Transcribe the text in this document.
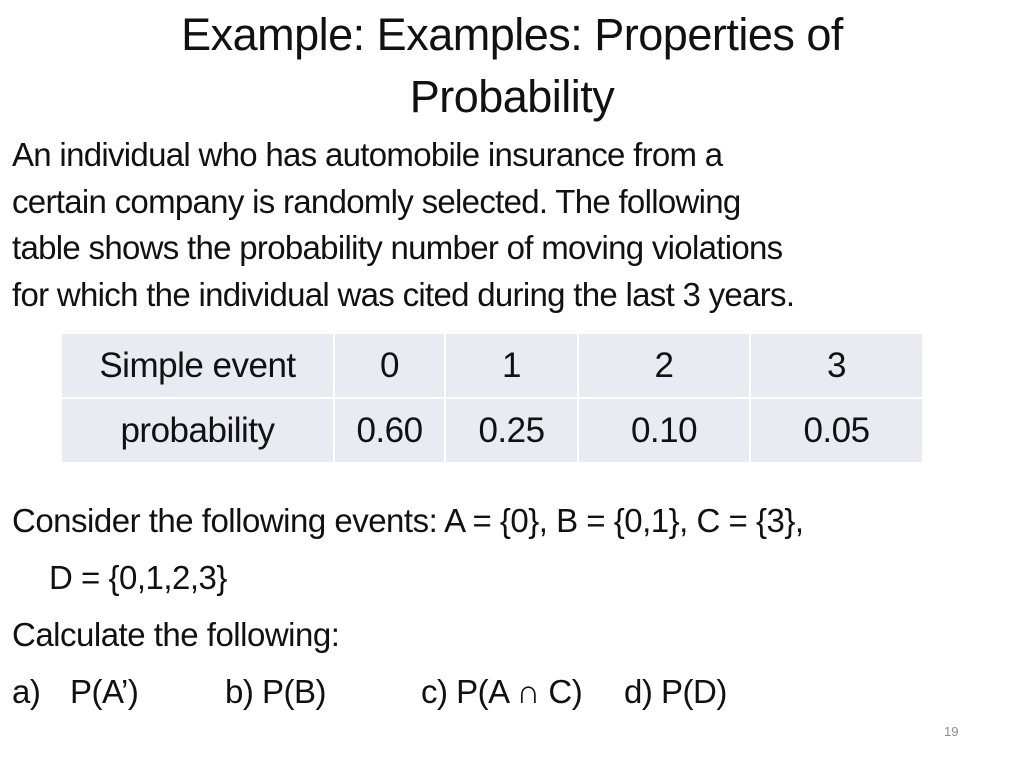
Example: Examples: Properties of
Probability
An individual who has automobile insurance from a
certain company is randomly selected. The following
table shows the probability number of moving violations
for which the individual was cited during the last 3 years.
Simple event	0	1	2	3
probability	0.60	0.25	0.10	0.05
Consider the following events: A = {0}, B = {0,1}, C = {3},
D = {0,1,2,3}
Calculate the following:
a) P(A’)	b) P(B)	c) P(A ∩ C) d) P(D)
19
